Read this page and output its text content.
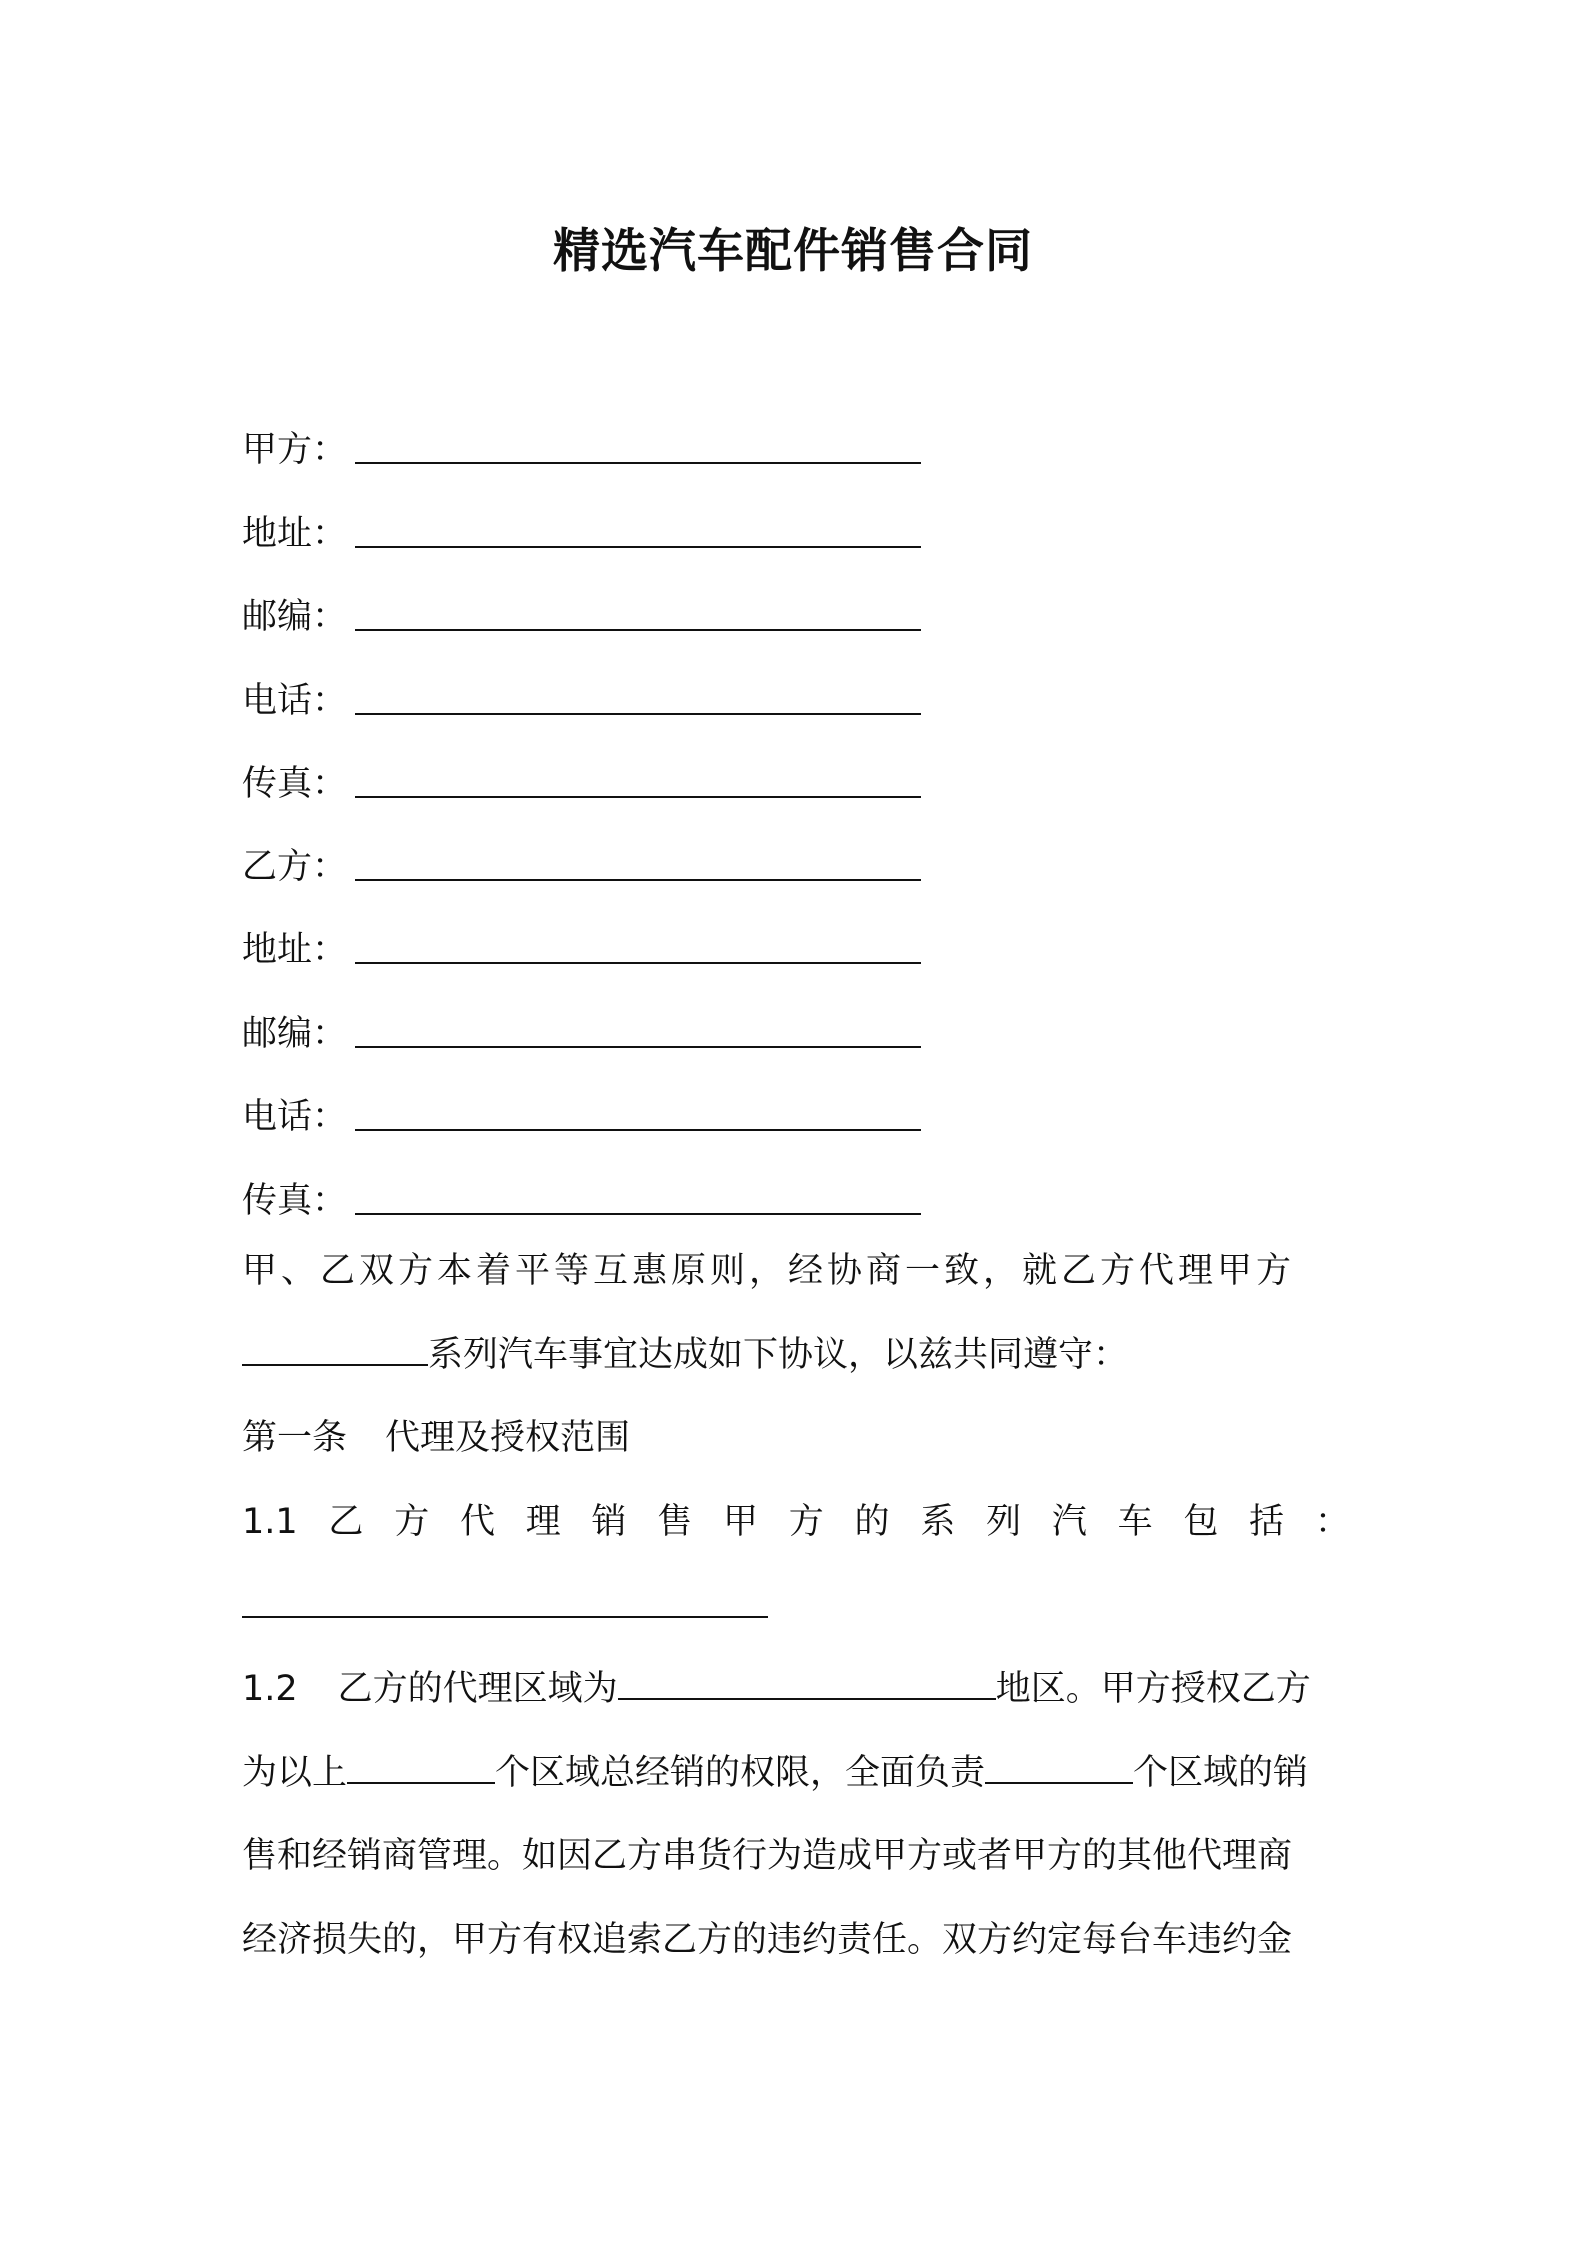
精选汽车配件销售合同
甲方：
地址：
邮编：
电话：
传真：
乙方：
地址：
邮编：
电话：
传真：
甲、乙双方本着平等互惠原则，经协商一致，就乙方代理甲方
系列汽车事宜达成如下协议，以兹共同遵守：
第一条 代理及授权范围
1.1 乙 方 代 理 销 售 甲 方 的 系 列 汽 车 包 括 ：
1.2 乙方的代理区域为	地区。甲方授权乙方
为以上	个区域总经销的权限，全面负责	个区域的销
售和经销商管理。如因乙方串货行为造成甲方或者甲方的其他代理商
经济损失的，甲方有权追索乙方的违约责任。双方约定每台车违约金
